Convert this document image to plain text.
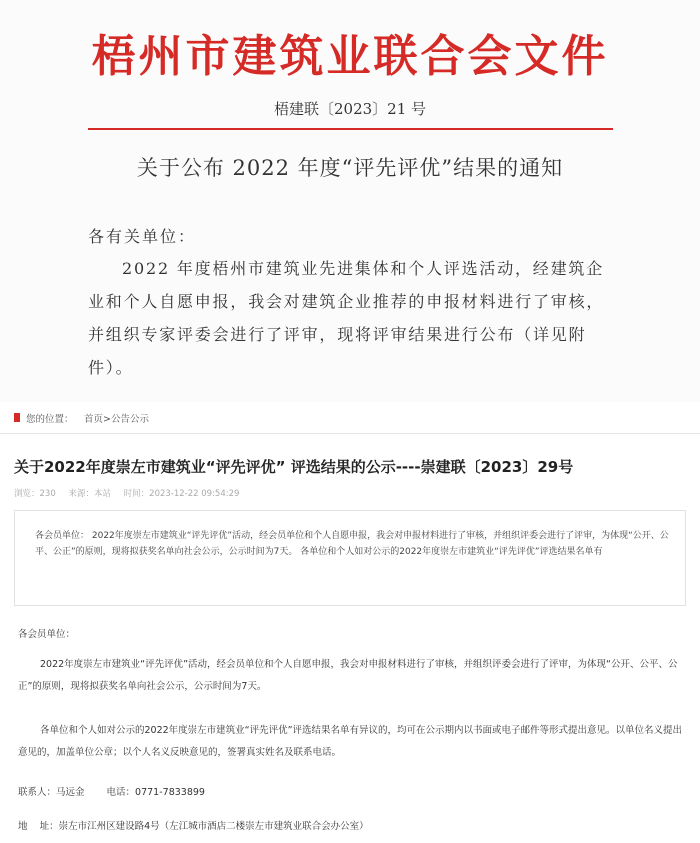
梧州市建筑业联合会文件
梧建联〔2023〕21 号
关于公布 2022 年度“评先评优”结果的通知
各有关单位：
2022 年度梧州市建筑业先进集体和个人评选活动，经建筑企业和个人自愿申报，我会对建筑企业推荐的申报材料进行了审核，并组织专家评委会进行了评审，现将评审结果进行公布（详见附件）。
您的位置： 首页>公告公示
关于2022年度崇左市建筑业“评先评优” 评选结果的公示----崇建联〔2023〕29号
浏览：230 来源：本站 时间：2023-12-22 09:54:29
各会员单位： 2022年度崇左市建筑业“评先评优”活动，经会员单位和个人自愿申报，我会对申报材料进行了审核，并组织评委会进行了评审，为体现“公开、公平、公正”的原则，现将拟获奖名单向社会公示，公示时间为7天。 各单位和个人如对公示的2022年度崇左市建筑业“评先评优”评选结果名单有
各会员单位：
2022年度崇左市建筑业“评先评优”活动，经会员单位和个人自愿申报，我会对申报材料进行了审核，并组织评委会进行了评审，为体现“公开、公平、公正”的原则，现将拟获奖名单向社会公示，公示时间为7天。
各单位和个人如对公示的2022年度崇左市建筑业“评先评优”评选结果名单有异议的，均可在公示期内以书面或电子邮件等形式提出意见。以单位名义提出意见的，加盖单位公章；以个人名义反映意见的，签署真实姓名及联系电话。
联系人：马远金 电话：0771-7833899
地    址：崇左市江州区建设路4号（左江城市酒店二楼崇左市建筑业联合会办公室）
